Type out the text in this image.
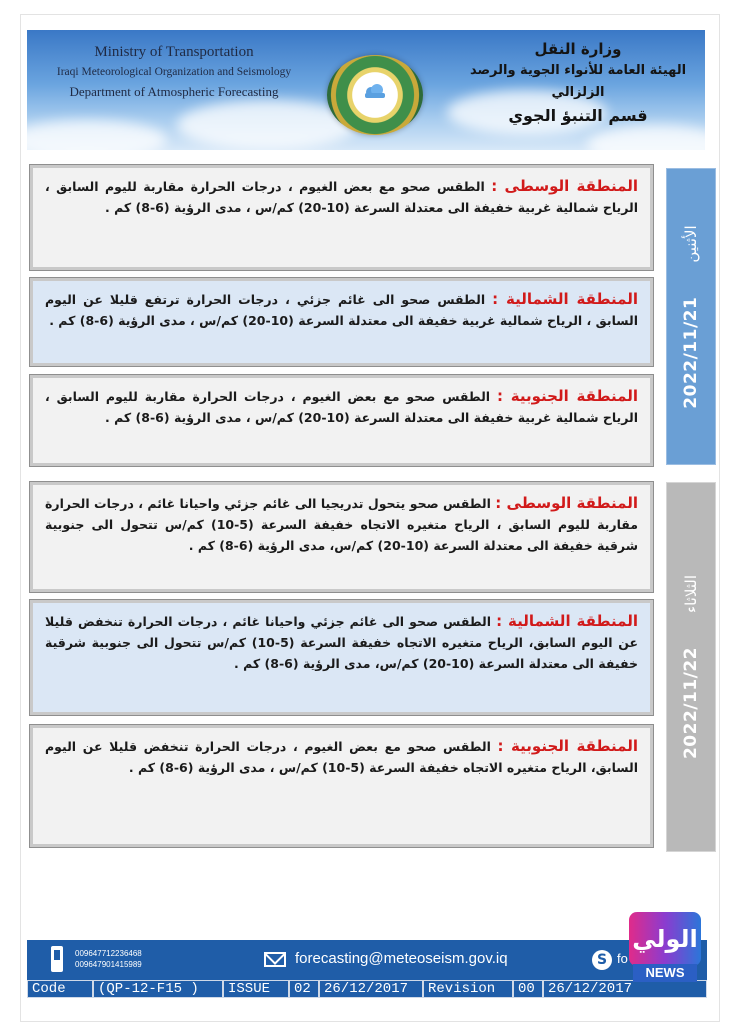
Ministry of Transportation
Iraqi Meteorological Organization and Seismology
Department of Atmospheric Forecasting
وزارة النقل
الهيئة العامة للأنواء الجوية والرصد الزلزالي
قسم التنبؤ الجوي
2022/11/21
الأثنين
2022/11/22
الثلاثاء

المنطقة الوسطى : الطقس صحو مع بعض الغيوم ، درجات الحرارة مقاربة لليوم السابق ، الرياح شمالية غربية خفيفة الى معتدلة السرعة (10-20) كم/س ، مدى الرؤية (6-8) كم .

المنطقة الشمالية : الطقس صحو الى غائم جزئي ، درجات الحرارة ترتفع قليلا عن اليوم السابق ، الرياح شمالية غربية خفيفة الى معتدلة السرعة (10-20) كم/س ، مدى الرؤية (6-8) كم .

المنطقة الجنوبية : الطقس صحو مع بعض الغيوم ، درجات الحرارة مقاربة لليوم السابق ، الرياح شمالية غربية خفيفة الى معتدلة السرعة (10-20) كم/س ، مدى الرؤية (6-8) كم .

المنطقة الوسطى : الطقس صحو يتحول تدريجيا الى غائم جزئي واحيانا غائم ، درجات الحرارة مقاربة لليوم السابق ، الرياح متغيره الاتجاه خفيفة السرعة (5-10) كم/س تتحول الى جنوبية شرقية خفيفة الى معتدلة السرعة (10-20) كم/س، مدى الرؤية (6-8) كم .

المنطقة الشمالية : الطقس صحو الى غائم جزئي واحيانا غائم ، درجات الحرارة تنخفض قليلا عن اليوم السابق، الرياح متغيره الاتجاه خفيفة السرعة (5-10) كم/س تتحول الى جنوبية شرقية خفيفة الى معتدلة السرعة (10-20) كم/س، مدى الرؤية (6-8) كم .

المنطقة الجنوبية : الطقس صحو مع بعض الغيوم ، درجات الحرارة تنخفض قليلا عن اليوم السابق، الرياح متغيره الاتجاه خفيفة السرعة (5-10) كم/س ، مدى الرؤية (6-8) كم .

009647712236468
009647901415989	forecasting@meteoseism.gov.iq	S fo
Code	(QP-12-F15 )	ISSUE	02 26/12/2017	Revision	00 26/12/2017
الولي
NEWS
